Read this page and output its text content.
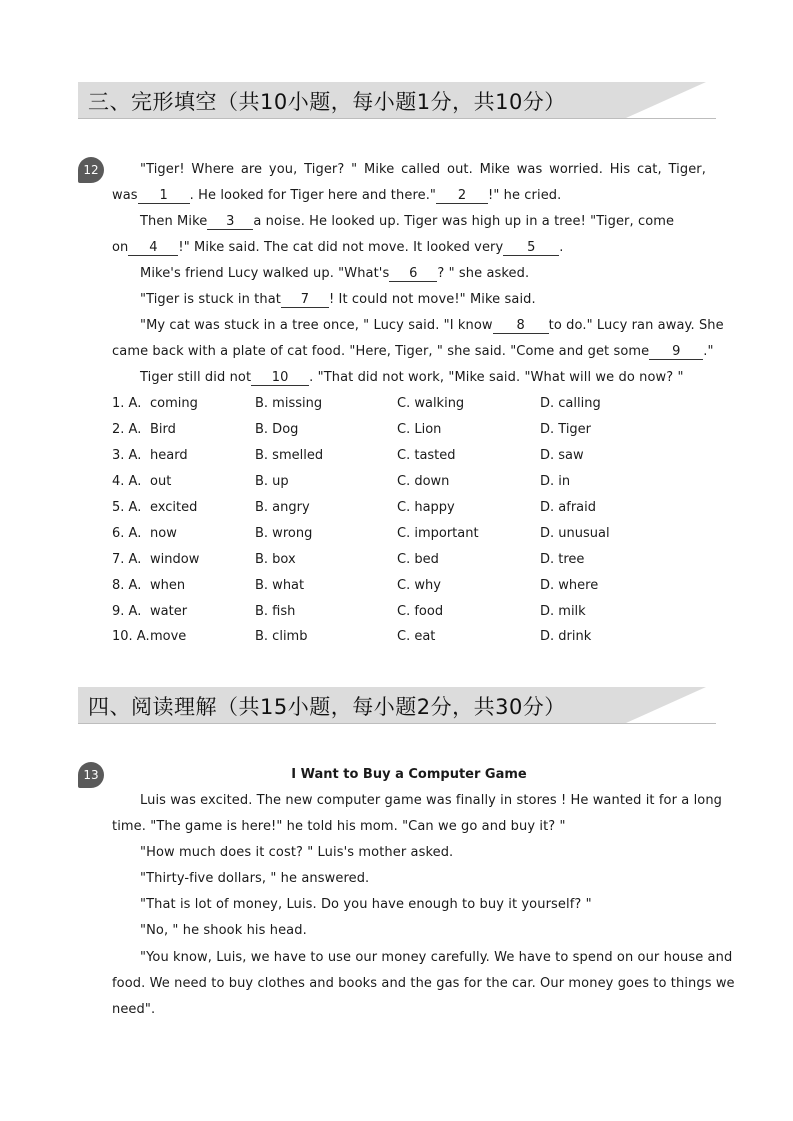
三、完形填空（共10小题，每小题1分，共10分）
12	"Tiger! Where are you, Tiger? " Mike called out. Mike was worried. His cat, Tiger,
was 1 . He looked for Tiger here and there." 2 !" he cried.
Then Mike 3 a noise. He looked up. Tiger was high up in a tree! "Tiger, come
on 4 !" Mike said. The cat did not move. It looked very 5 .
Mike's friend Lucy walked up. "What's 6 ? " she asked.
"Tiger is stuck in that 7 ! It could not move!" Mike said.
"My cat was stuck in a tree once, " Lucy said. "I know 8 to do." Lucy ran away. She
came back with a plate of cat food. "Here, Tiger, " she said. "Come and get some 9 ."
Tiger still did not 10 . "That did not work, "Mike said. "What will we do now? "
1. A. coming	B. missing	C. walking	D. calling
2. A. Bird	B. Dog	C. Lion	D. Tiger
3. A. heard	B. smelled	C. tasted	D. saw
4. A. out	B. up	C. down	D. in
5. A. excited	B. angry	C. happy	D. afraid
6. A. now	B. wrong	C. important	D. unusual
7. A. window	B. box	C. bed	D. tree
8. A. when	B. what	C. why	D. where
9. A. water	B. fish	C. food	D. milk
10. A. move	B. climb	C. eat	D. drink
四、阅读理解（共15小题，每小题2分，共30分）
13	I Want to Buy a Computer Game
Luis was excited. The new computer game was finally in stores ! He wanted it for a long
time. "The game is here!" he told his mom. "Can we go and buy it? "
"How much does it cost? " Luis's mother asked.
"Thirty-five dollars, " he answered.
"That is lot of money, Luis. Do you have enough to buy it yourself? "
"No, " he shook his head.
"You know, Luis, we have to use our money carefully. We have to spend on our house and
food. We need to buy clothes and books and the gas for the car. Our money goes to things we
need".
